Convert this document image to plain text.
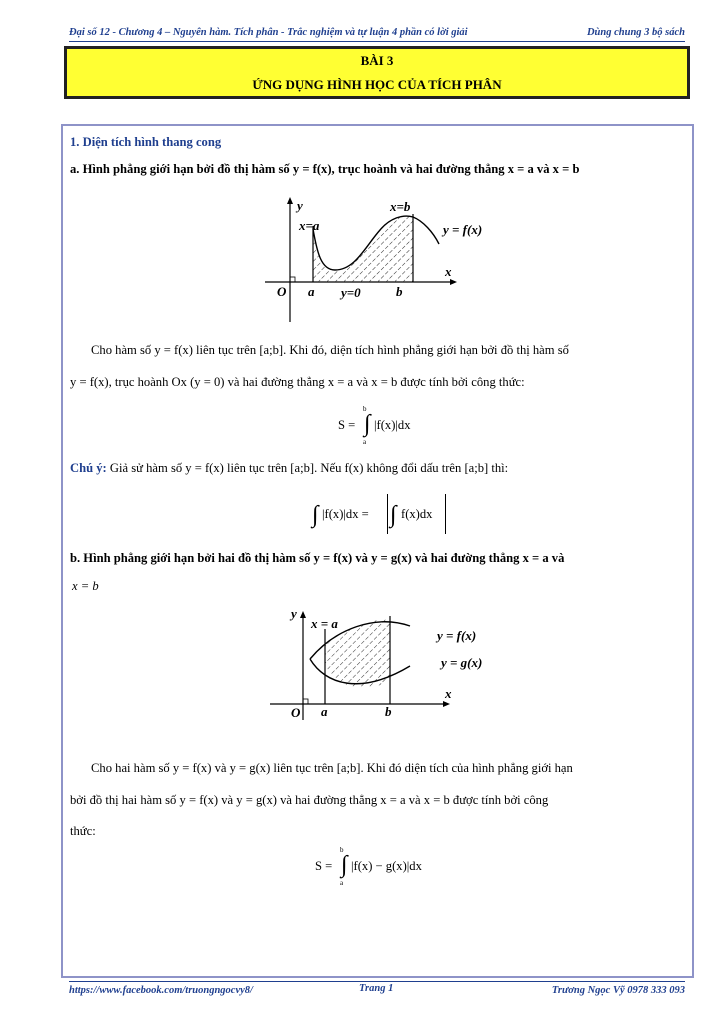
Đại số 12 - Chương 4 – Nguyên hàm. Tích phân - Trắc nghiệm và tự luận 4 phần có lời giải	Dùng chung 3 bộ sách
BÀI 3
ỨNG DỤNG HÌNH HỌC CỦA TÍCH PHÂN
1. Diện tích hình thang cong
a. Hình phẳng giới hạn bởi đồ thị hàm số y = f(x), trục hoành và hai đường thẳng x = a và x = b
y
x
O a	b
x=a
x=b
y=0
y = f(x)
Cho hàm số y = f(x) liên tục trên [a;b]. Khi đó, diện tích hình phẳng giới hạn bởi đồ thị hàm số
y = f(x), trục hoành Ox (y = 0) và hai đường thẳng x = a và x = b được tính bởi công thức:
S = ∫
b
a
|f(x)|dx
Chú ý: Giả sử hàm số y = f(x) liên tục trên [a;b]. Nếu f(x) không đổi dấu trên [a;b] thì:
∫ |f(x)|dx = ∫ f(x)dx
b. Hình phẳng giới hạn bởi hai đồ thị hàm số y = f(x) và y = g(x) và hai đường thẳng x = a và
x = b
y
x
O a	b
x = a
y = f(x)
y = g(x)
Cho hai hàm số y = f(x) và y = g(x) liên tục trên [a;b]. Khi đó diện tích của hình phẳng giới hạn
bởi đồ thị hai hàm số y = f(x) và y = g(x) và hai đường thẳng x = a và x = b được tính bởi công
thức:
S = ∫
b
a
|f(x) − g(x)|dx
https://www.facebook.com/truongngocvy8/	Trang 1	Trương Ngọc Vỹ 0978 333 093
